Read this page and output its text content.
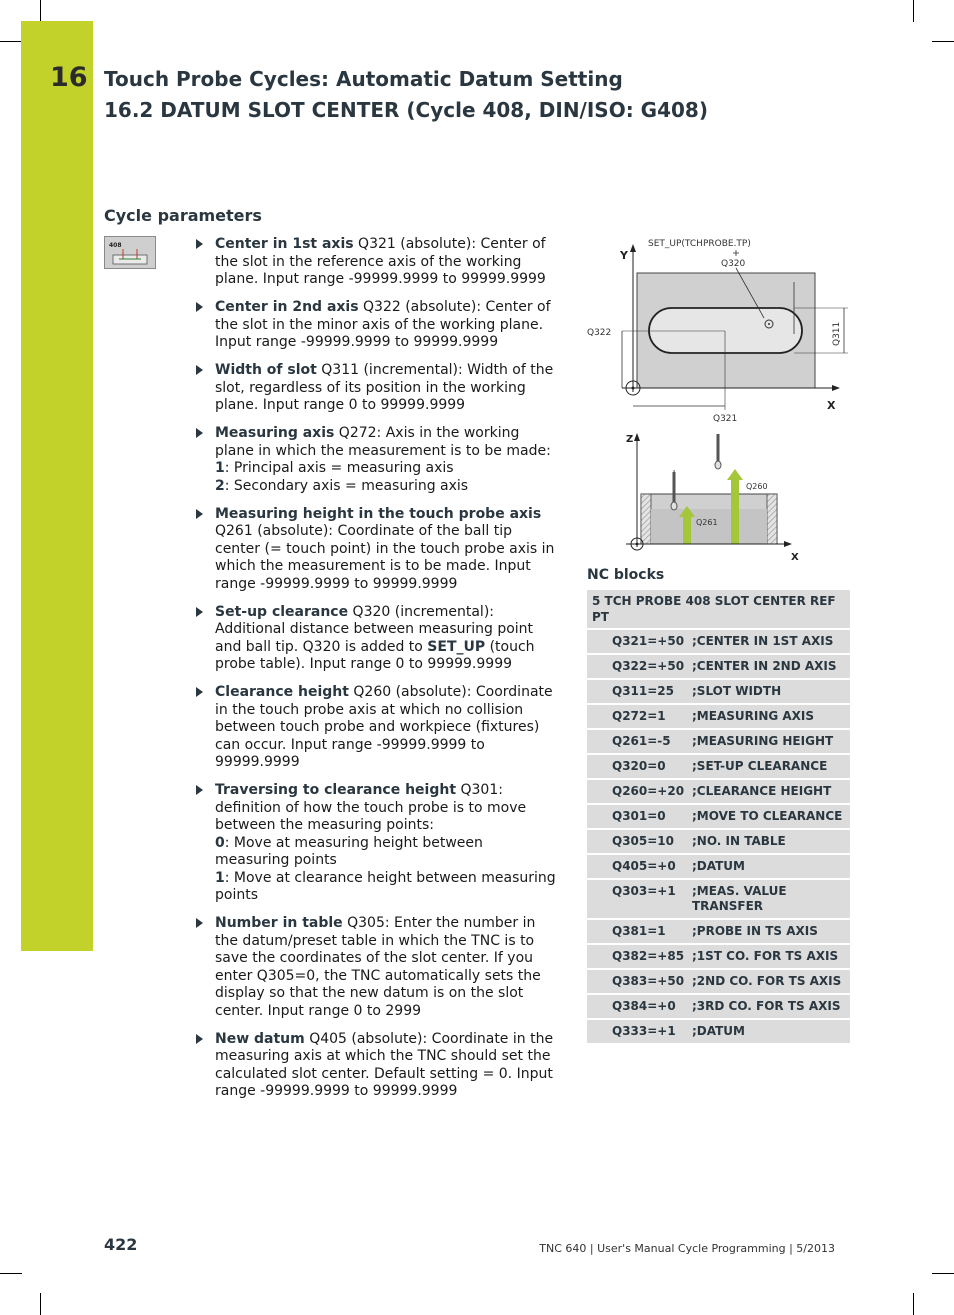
16 Touch Probe Cycles: Automatic Datum Setting
16.2 DATUM SLOT CENTER (Cycle 408, DIN/ISO: G408)
Cycle parameters
408	Center in 1st axis Q321 (absolute): Center of the slot in the reference axis of the working plane. Input range -99999.9999 to 99999.9999
Center in 2nd axis Q322 (absolute): Center of the slot in the minor axis of the working plane. Input range -99999.9999 to 99999.9999
Width of slot Q311 (incremental): Width of the slot, regardless of its position in the working plane. Input range 0 to 99999.9999
Measuring axis Q272: Axis in the working plane in which the measurement is to be made:
1: Principal axis = measuring axis
2: Secondary axis = measuring axis
Measuring height in the touch probe axis Q261 (absolute): Coordinate of the ball tip center (= touch point) in the touch probe axis in which the measurement is to be made. Input range -99999.9999 to 99999.9999
Set-up clearance Q320 (incremental): Additional distance between measuring point and ball tip. Q320 is added to SET_UP (touch probe table). Input range 0 to 99999.9999
Clearance height Q260 (absolute): Coordinate in the touch probe axis at which no collision between touch probe and workpiece (fixtures) can occur. Input range -99999.9999 to 99999.9999
Traversing to clearance height Q301: definition of how the touch probe is to move between the measuring points:
0: Move at measuring height between measuring points
1: Move at clearance height between measuring points
Number in table Q305: Enter the number in the datum/preset table in which the TNC is to save the coordinates of the slot center. If you enter Q305=0, the TNC automatically sets the display so that the new datum is on the slot center. Input range 0 to 2999
New datum Q405 (absolute): Coordinate in the measuring axis at which the TNC should set the calculated slot center. Default setting = 0. Input range -99999.9999 to 99999.9999
SET_UP(TCHPROBE.TP)
Q320
Y
Q311
Q322
Q321
X
Z
Q260
Q261
X
NC blocks
5 TCH PROBE 408 SLOT CENTER REF PT	
Q321=+50	;CENTER IN 1ST AXIS
Q322=+50	;CENTER IN 2ND AXIS
Q311=25	;SLOT WIDTH
Q272=1	;MEASURING AXIS
Q261=-5	;MEASURING HEIGHT
Q320=0	;SET-UP CLEARANCE
Q260=+20	;CLEARANCE HEIGHT
Q301=0	;MOVE TO CLEARANCE
Q305=10	;NO. IN TABLE
Q405=+0	;DATUM
Q303=+1	;MEAS. VALUE TRANSFER
Q381=1	;PROBE IN TS AXIS
Q382=+85	;1ST CO. FOR TS AXIS
Q383=+50	;2ND CO. FOR TS AXIS
Q384=+0	;3RD CO. FOR TS AXIS
Q333=+1	;DATUM
422	TNC 640 | User's Manual Cycle Programming | 5/2013
